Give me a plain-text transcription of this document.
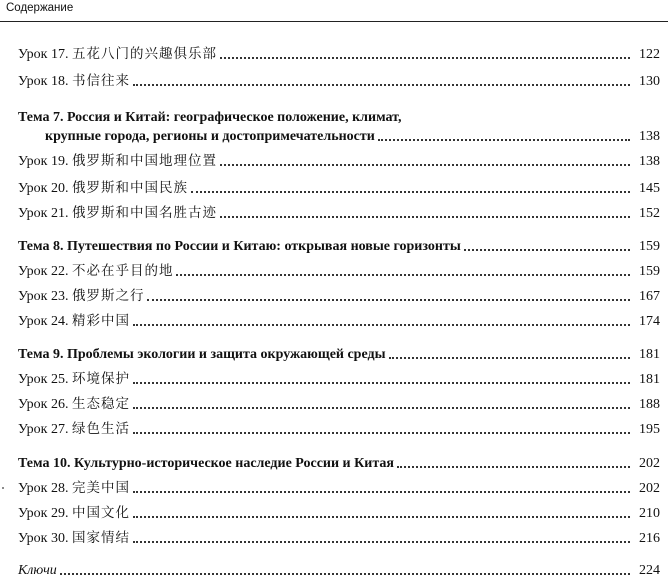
Содержание
Урок 17. 五花八门的兴趣俱乐部	122
Урок 18. 书信往来	130
Тема 7. Россия и Китай: географическое положение, климат,
крупные города, регионы и достопримечательности	138
Урок 19. 俄罗斯和中国地理位置	138
Урок 20. 俄罗斯和中国民族	145
Урок 21. 俄罗斯和中国名胜古迹	152
Тема 8. Путешествия по России и Китаю: открывая новые горизонты	159
Урок 22. 不必在乎目的地	159
Урок 23. 俄罗斯之行	167
Урок 24. 精彩中国	174
Тема 9. Проблемы экологии и защита окружающей среды	181
Урок 25. 环境保护	181
Урок 26. 生态稳定	188
Урок 27. 绿色生活	195
Тема 10. Культурно-историческое наследие России и Китая	202
Урок 28. 完美中国	202
Урок 29. 中国文化	210
Урок 30. 国家情结	216
Ключи	224
